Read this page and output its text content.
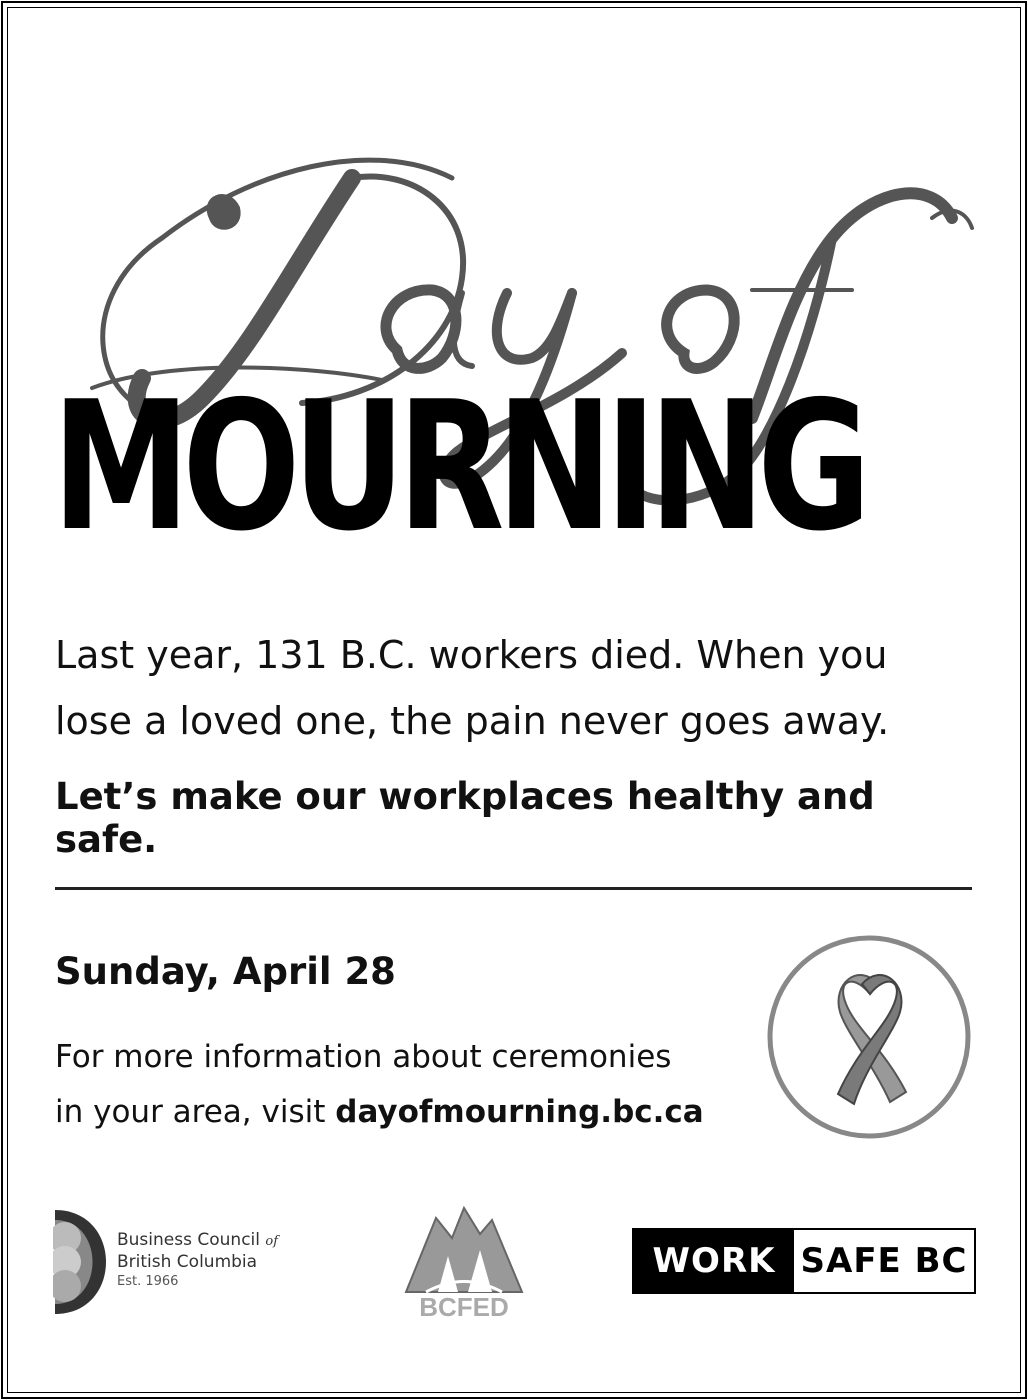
MOURNING
Last year, 131 B.C. workers died. When you
lose a loved one, the pain never goes away.
Let’s make our workplaces healthy and safe.
Sunday, April 28
For more information about ceremonies
in your area, visit dayofmourning.bc.ca
Business Council of
British Columbia
Est. 1966
BCFED
WORK SAFE BC
